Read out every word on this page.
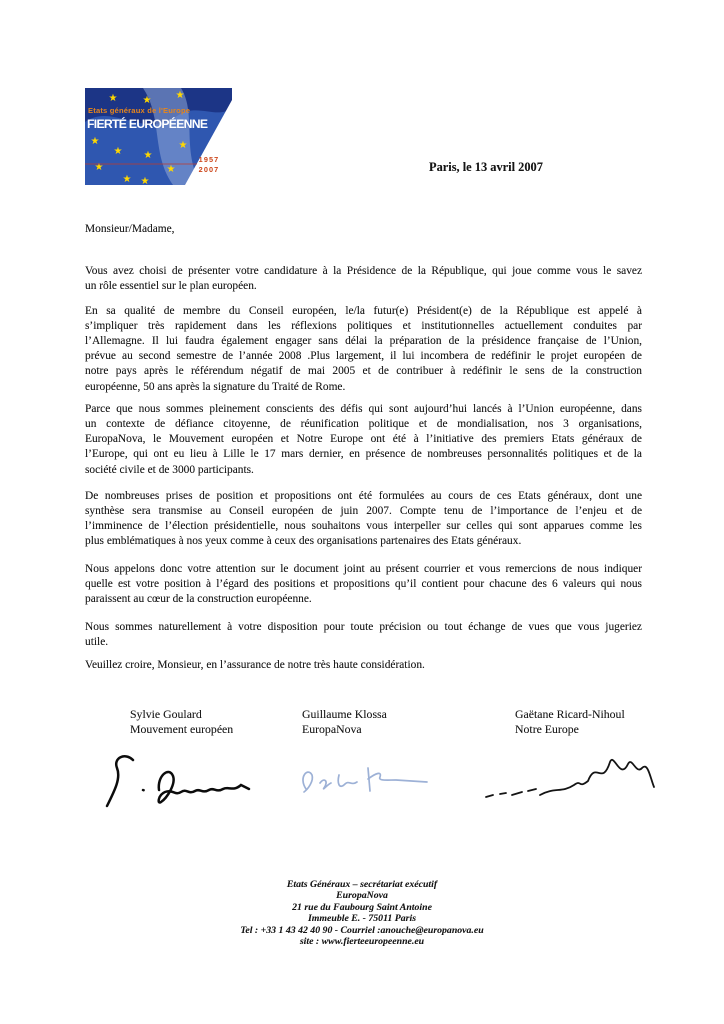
★	★ ★
★
★
★
★
★
★
★
★
Etats généraux de l'Europe
FIERTÉ EUROPÉENNE
1957
2007	Paris, le 13 avril 2007
Monsieur/Madame,
Vous avez choisi de présenter votre candidature à la Présidence de la République, qui joue comme vous le savez
un rôle essentiel sur le plan européen.
En sa qualité de membre du Conseil européen, le/la futur(e) Président(e) de la République est appelé à
s’impliquer très rapidement dans les réflexions politiques et institutionnelles actuellement conduites par
l’Allemagne. Il lui faudra également engager sans délai la préparation de la présidence française de l’Union,
prévue au second semestre de l’année 2008 .Plus largement, il lui incombera de redéfinir le projet européen de
notre pays après le référendum négatif de mai 2005 et de contribuer à redéfinir le sens de la construction
européenne, 50 ans après la signature du Traité de Rome.
Parce que nous sommes pleinement conscients des défis qui sont aujourd’hui lancés à l’Union européenne, dans
un contexte de défiance citoyenne, de réunification politique et de mondialisation, nos 3 organisations,
EuropaNova, le Mouvement européen et Notre Europe ont été à l’initiative des premiers Etats généraux de
l’Europe, qui ont eu lieu à Lille le 17 mars dernier, en présence de nombreuses personnalités politiques et de la
société civile et de 3000 participants.
De nombreuses prises de position et propositions ont été formulées au cours de ces Etats généraux, dont une
synthèse sera transmise au Conseil européen de juin 2007. Compte tenu de l’importance de l’enjeu et de
l’imminence de l’élection présidentielle, nous souhaitons vous interpeller sur celles qui sont apparues comme les
plus emblématiques à nos yeux comme à ceux des organisations partenaires des Etats généraux.
Nous appelons donc votre attention sur le document joint au présent courrier et vous remercions de nous indiquer
quelle est votre position à l’égard des positions et propositions qu’il contient pour chacune des 6 valeurs qui nous
paraissent au cœur de la construction européenne.
Nous sommes naturellement à votre disposition pour toute précision ou tout échange de vues que vous jugeriez
utile.
Veuillez croire, Monsieur, en l’assurance de notre très haute considération.
Sylvie Goulard
Mouvement européen
Guillaume Klossa
EuropaNova
Gaëtane Ricard-Nihoul
Notre Europe
Etats Généraux – secrétariat exécutif
EuropaNova
21 rue du Faubourg Saint Antoine
Immeuble E. - 75011 Paris
Tel : +33 1 43 42 40 90 - Courriel :anouche@europanova.eu
site : www.fierteeuropeenne.eu
